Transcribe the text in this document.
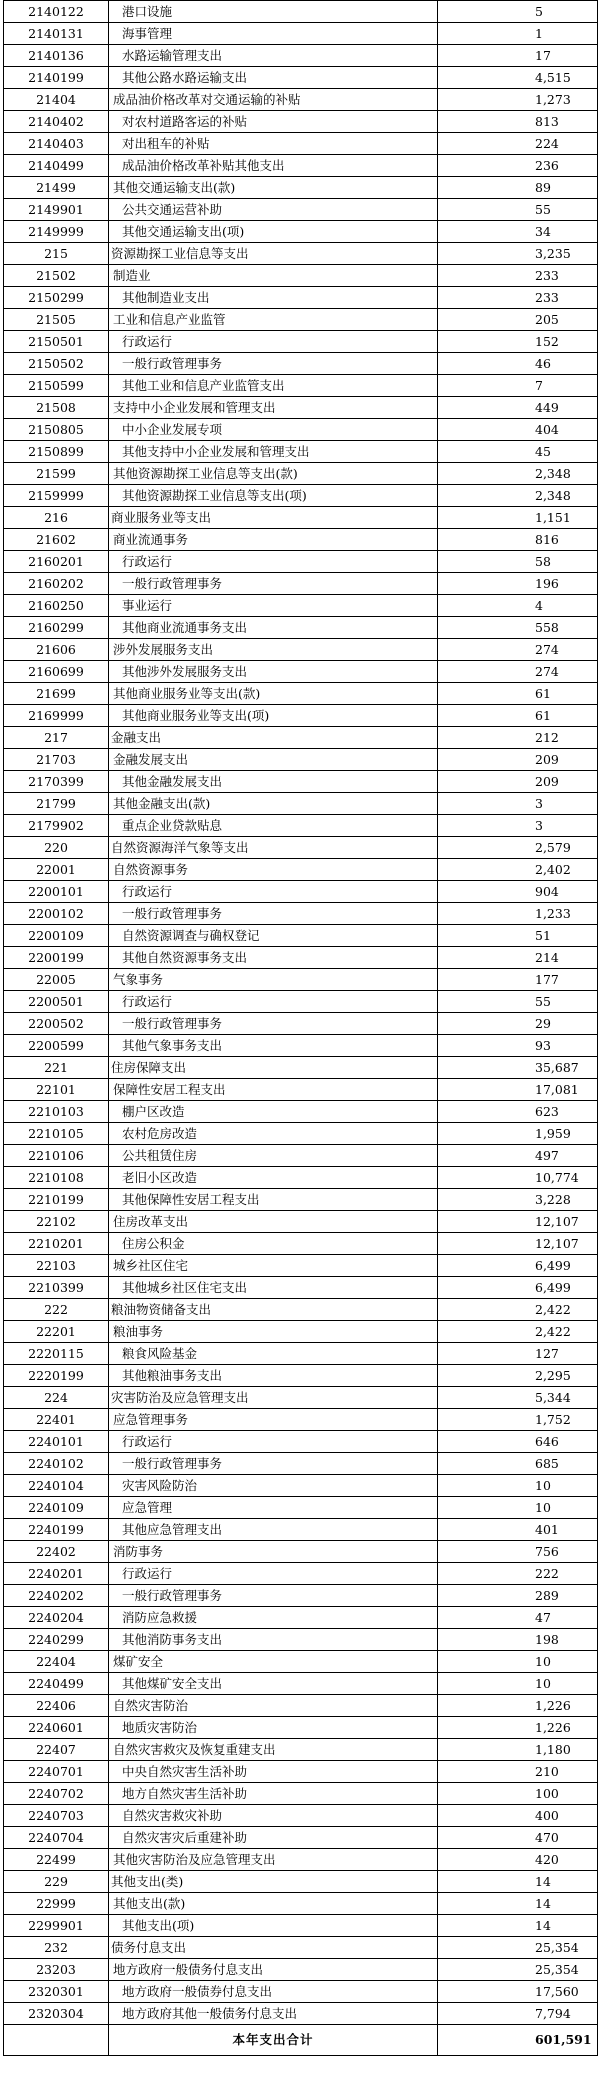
2140122	港口设施	5
2140131	海事管理	1
2140136	水路运输管理支出	17
2140199	其他公路水路运输支出	4,515
21404	成品油价格改革对交通运输的补贴	1,273
2140402	对农村道路客运的补贴	813
2140403	对出租车的补贴	224
2140499	成品油价格改革补贴其他支出	236
21499	其他交通运输支出(款)	89
2149901	公共交通运营补助	55
2149999	其他交通运输支出(项)	34
215	资源勘探工业信息等支出	3,235
21502	制造业	233
2150299	其他制造业支出	233
21505	工业和信息产业监管	205
2150501	行政运行	152
2150502	一般行政管理事务	46
2150599	其他工业和信息产业监管支出	7
21508	支持中小企业发展和管理支出	449
2150805	中小企业发展专项	404
2150899	其他支持中小企业发展和管理支出	45
21599	其他资源勘探工业信息等支出(款)	2,348
2159999	其他资源勘探工业信息等支出(项)	2,348
216	商业服务业等支出	1,151
21602	商业流通事务	816
2160201	行政运行	58
2160202	一般行政管理事务	196
2160250	事业运行	4
2160299	其他商业流通事务支出	558
21606	涉外发展服务支出	274
2160699	其他涉外发展服务支出	274
21699	其他商业服务业等支出(款)	61
2169999	其他商业服务业等支出(项)	61
217	金融支出	212
21703	金融发展支出	209
2170399	其他金融发展支出	209
21799	其他金融支出(款)	3
2179902	重点企业贷款贴息	3
220	自然资源海洋气象等支出	2,579
22001	自然资源事务	2,402
2200101	行政运行	904
2200102	一般行政管理事务	1,233
2200109	自然资源调查与确权登记	51
2200199	其他自然资源事务支出	214
22005	气象事务	177
2200501	行政运行	55
2200502	一般行政管理事务	29
2200599	其他气象事务支出	93
221	住房保障支出	35,687
22101	保障性安居工程支出	17,081
2210103	棚户区改造	623
2210105	农村危房改造	1,959
2210106	公共租赁住房	497
2210108	老旧小区改造	10,774
2210199	其他保障性安居工程支出	3,228
22102	住房改革支出	12,107
2210201	住房公积金	12,107
22103	城乡社区住宅	6,499
2210399	其他城乡社区住宅支出	6,499
222	粮油物资储备支出	2,422
22201	粮油事务	2,422
2220115	粮食风险基金	127
2220199	其他粮油事务支出	2,295
224	灾害防治及应急管理支出	5,344
22401	应急管理事务	1,752
2240101	行政运行	646
2240102	一般行政管理事务	685
2240104	灾害风险防治	10
2240109	应急管理	10
2240199	其他应急管理支出	401
22402	消防事务	756
2240201	行政运行	222
2240202	一般行政管理事务	289
2240204	消防应急救援	47
2240299	其他消防事务支出	198
22404	煤矿安全	10
2240499	其他煤矿安全支出	10
22406	自然灾害防治	1,226
2240601	地质灾害防治	1,226
22407	自然灾害救灾及恢复重建支出	1,180
2240701	中央自然灾害生活补助	210
2240702	地方自然灾害生活补助	100
2240703	自然灾害救灾补助	400
2240704	自然灾害灾后重建补助	470
22499	其他灾害防治及应急管理支出	420
229	其他支出(类)	14
22999	其他支出(款)	14
2299901	其他支出(项)	14
232	债务付息支出	25,354
23203	地方政府一般债务付息支出	25,354
2320301	地方政府一般债券付息支出	17,560
2320304	地方政府其他一般债务付息支出	7,794
	本年支出合计	601,591
